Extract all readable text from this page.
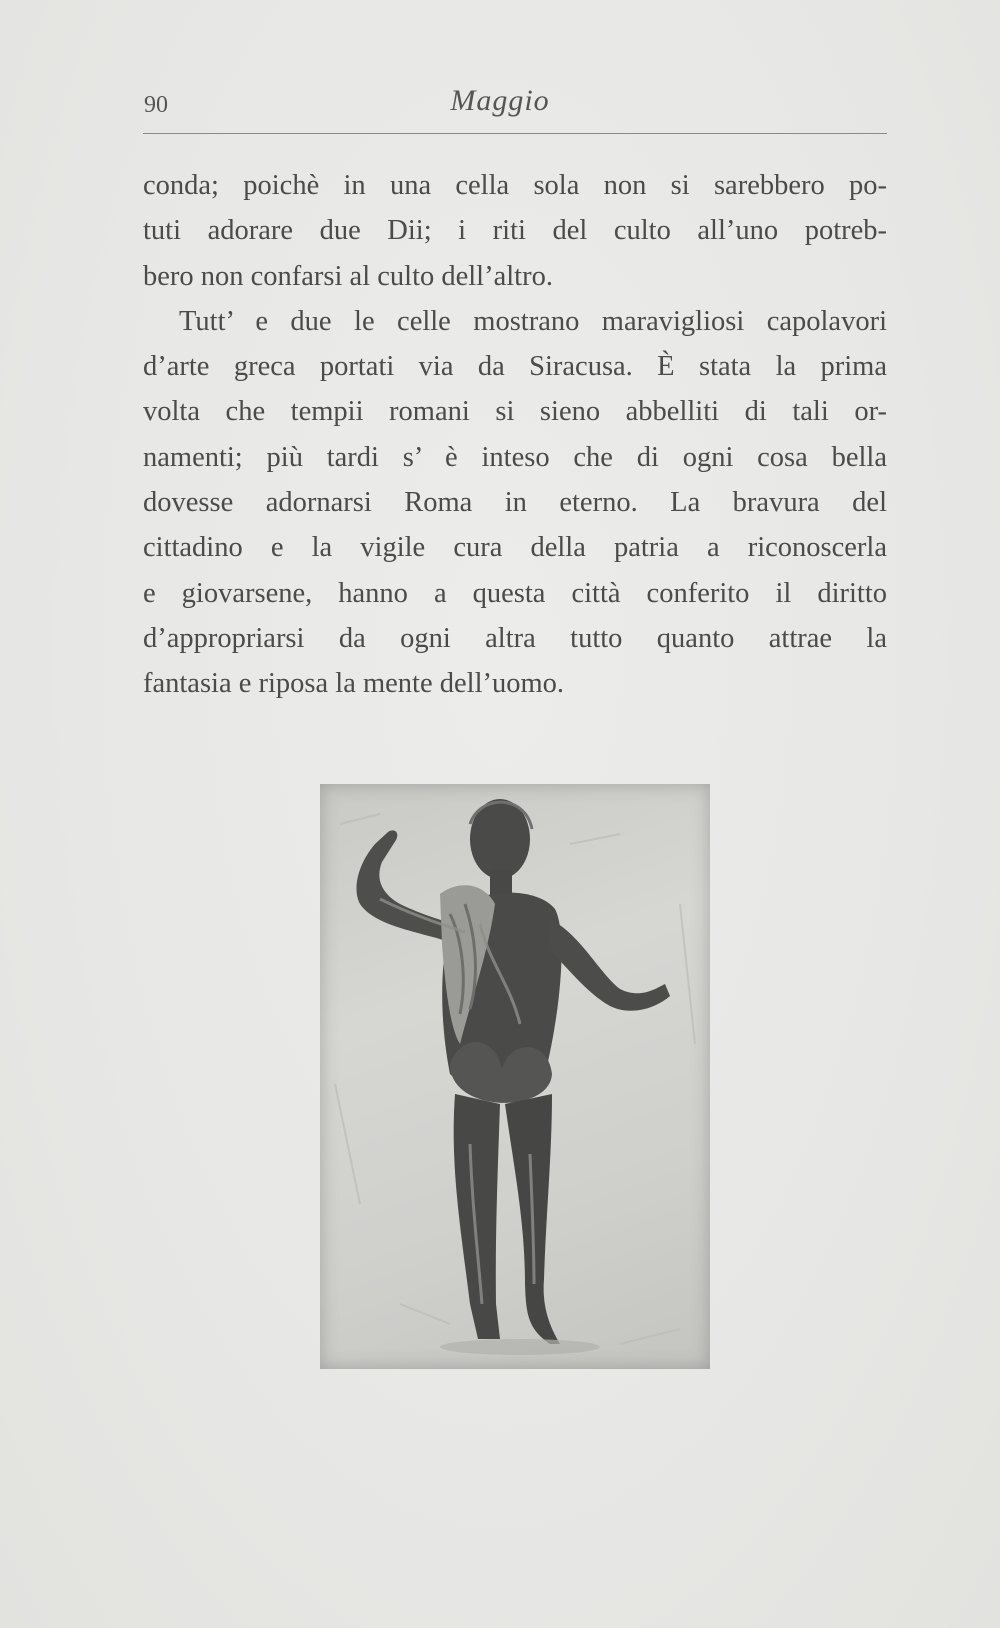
90	Maggio
conda; poichè in una cella sola non si sarebbero po-
tuti adorare due Dii; i riti del culto all’uno potreb-
bero non confarsi al culto dell’altro.
Tutt’ e due le celle mostrano maravigliosi capolavori
d’arte greca portati via da Siracusa. È stata la prima
volta che tempii romani si sieno abbelliti di tali or-
namenti; più tardi s’ è inteso che di ogni cosa bella
dovesse adornarsi Roma in eterno. La bravura del
cittadino e la vigile cura della patria a riconoscerla
e giovarsene, hanno a questa città conferito il diritto
d’appropriarsi da ogni altra tutto quanto attrae la
fantasia e riposa la mente dell’uomo.
